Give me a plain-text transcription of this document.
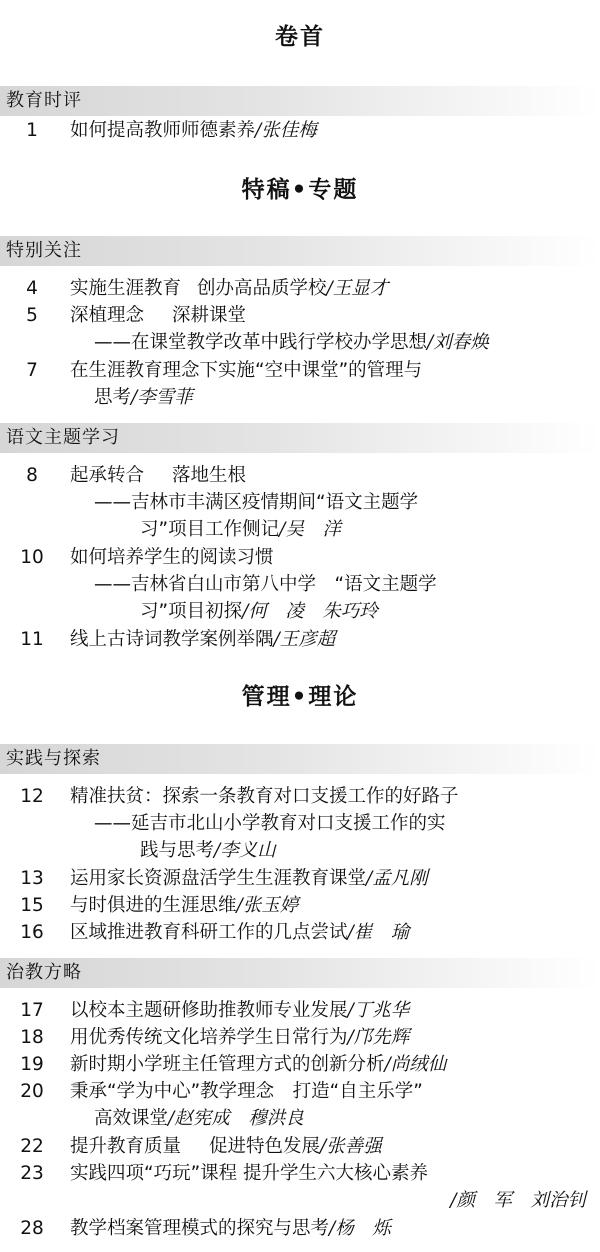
卷首
教育时评
1	如何提高教师师德素养/张佳梅
特稿•专题
特别关注
4	实施生涯教育 创办高品质学校/王显才
5	深植理念 深耕课堂
——在课堂教学改革中践行学校办学思想/刘春焕
7	在生涯教育理念下实施“空中课堂”的管理与
思考/李雪菲
语文主题学习
8	起承转合 落地生根
——吉林市丰满区疫情期间“语文主题学
习”项目工作侧记/吴　洋
10	如何培养学生的阅读习惯
——吉林省白山市第八中学　“语文主题学
习”项目初探/何　凌　朱巧玲
11	线上古诗词教学案例举隅/王彦超
管理•理论
实践与探索
12	精准扶贫：探索一条教育对口支援工作的好路子
——延吉市北山小学教育对口支援工作的实
践与思考/李义山
13	运用家长资源盘活学生生涯教育课堂/孟凡刚
15	与时俱进的生涯思维/张玉婷
16	区域推进教育科研工作的几点尝试/崔　瑜
治教方略
17	以校本主题研修助推教师专业发展/丁兆华
18	用优秀传统文化培养学生日常行为/邝先辉
19	新时期小学班主任管理方式的创新分析/尚绒仙
20	秉承“学为中心”教学理念　打造“自主乐学”
高效课堂/赵宪成　穆洪良
22	提升教育质量 促进特色发展/张善强
23	实践四项“巧玩”课程 提升学生六大核心素养
/颜　军　刘治钊
28	教学档案管理模式的探究与思考/杨　烁
